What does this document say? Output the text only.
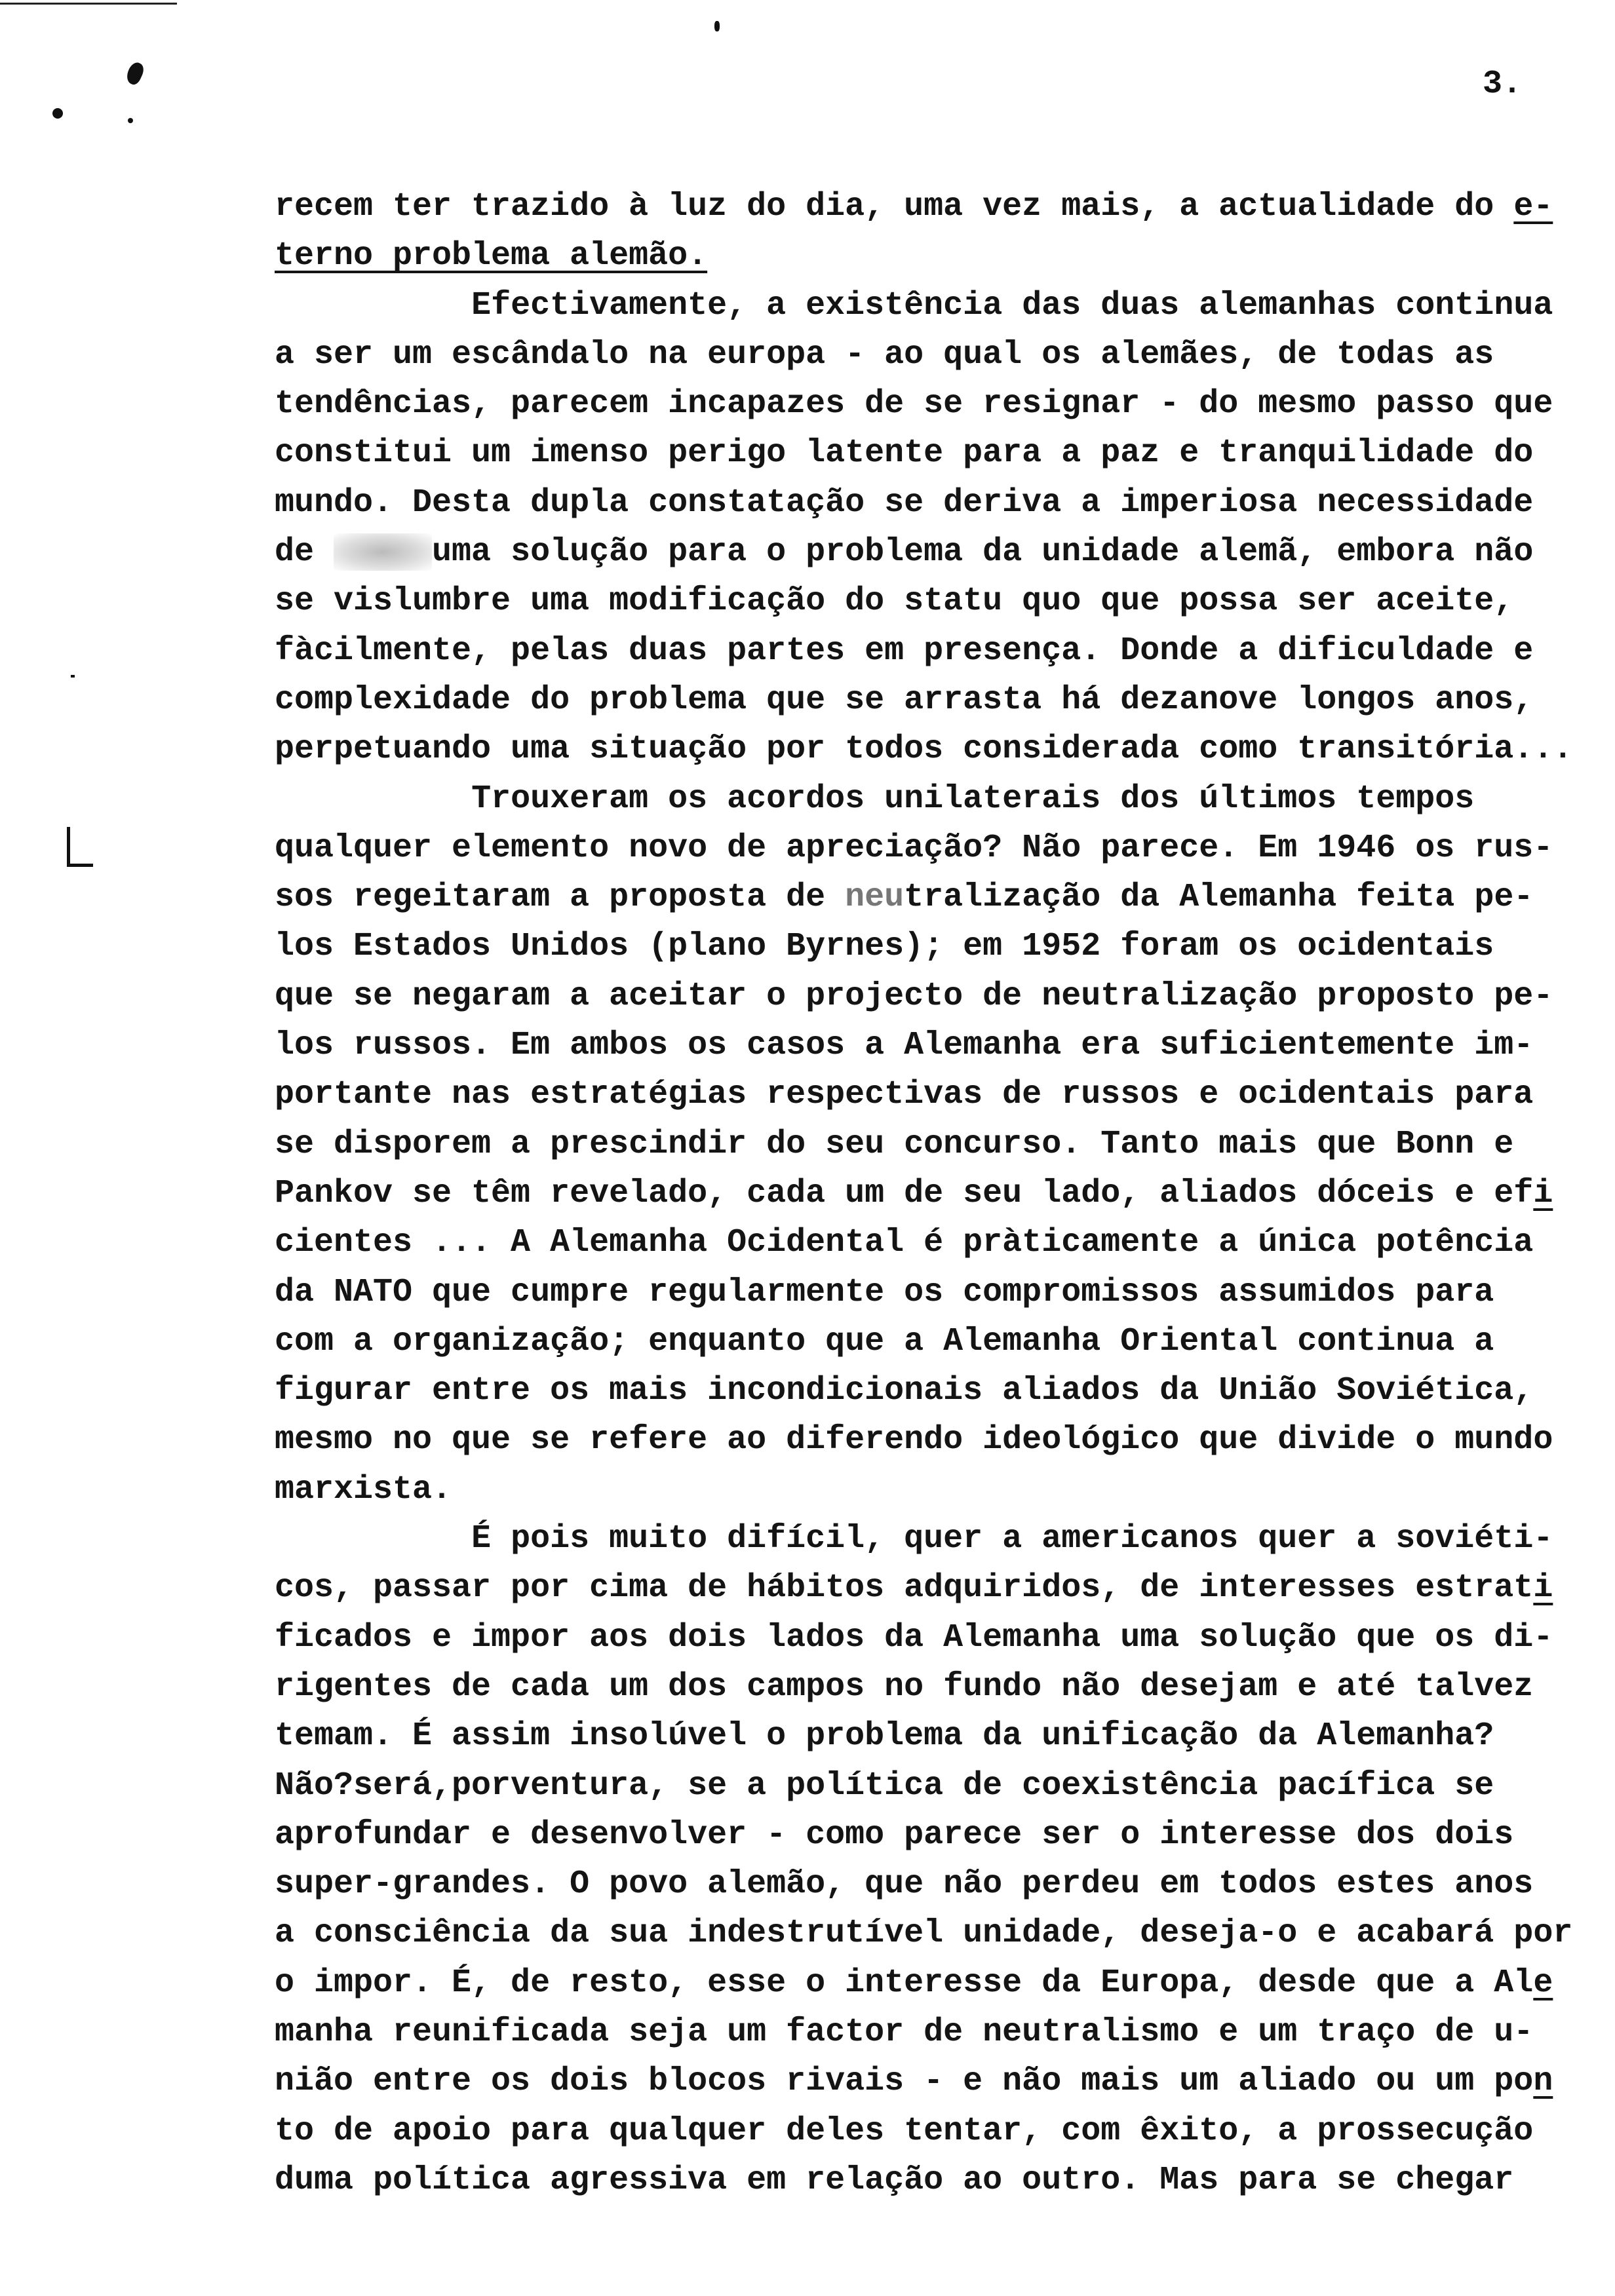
3.
recem ter trazido à luz do dia, uma vez mais, a actualidade do e-
terno problema alemão.
Efectivamente, a existência das duas alemanhas continua
a ser um escândalo na europa - ao qual os alemães, de todas as
tendências, parecem incapazes de se resignar - do mesmo passo que
constitui um imenso perigo latente para a paz e tranquilidade do
mundo. Desta dupla constatação se deriva a imperiosa necessidade
de	uma solução para o problema da unidade alemã, embora não
se vislumbre uma modificação do statu quo que possa ser aceite,
fàcilmente, pelas duas partes em presença. Donde a dificuldade e
complexidade do problema que se arrasta há dezanove longos anos,
perpetuando uma situação por todos considerada como transitória...
Trouxeram os acordos unilaterais dos últimos tempos
qualquer elemento novo de apreciação? Não parece. Em 1946 os rus-
sos regeitaram a proposta de neutralização da Alemanha feita pe-
los Estados Unidos (plano Byrnes); em 1952 foram os ocidentais
que se negaram a aceitar o projecto de neutralização proposto pe-
los russos. Em ambos os casos a Alemanha era suficientemente im-
portante nas estratégias respectivas de russos e ocidentais para
se disporem a prescindir do seu concurso. Tanto mais que Bonn e
Pankov se têm revelado, cada um de seu lado, aliados dóceis e efi
cientes ... A Alemanha Ocidental é pràticamente a única potência
da NATO que cumpre regularmente os compromissos assumidos para
com a organização; enquanto que a Alemanha Oriental continua a
figurar entre os mais incondicionais aliados da União Soviética,
mesmo no que se refere ao diferendo ideológico que divide o mundo
marxista.
É pois muito difícil, quer a americanos quer a soviéti-
cos, passar por cima de hábitos adquiridos, de interesses estrati
ficados e impor aos dois lados da Alemanha uma solução que os di-
rigentes de cada um dos campos no fundo não desejam e até talvez
temam. É assim insolúvel o problema da unificação da Alemanha?
Não?será,porventura, se a política de coexistência pacífica se
aprofundar e desenvolver - como parece ser o interesse dos dois
super-grandes. O povo alemão, que não perdeu em todos estes anos
a consciência da sua indestrutível unidade, deseja-o e acabará por
o impor. É, de resto, esse o interesse da Europa, desde que a Ale
manha reunificada seja um factor de neutralismo e um traço de u-
nião entre os dois blocos rivais - e não mais um aliado ou um pon
to de apoio para qualquer deles tentar, com êxito, a prossecução
duma política agressiva em relação ao outro. Mas para se chegar
